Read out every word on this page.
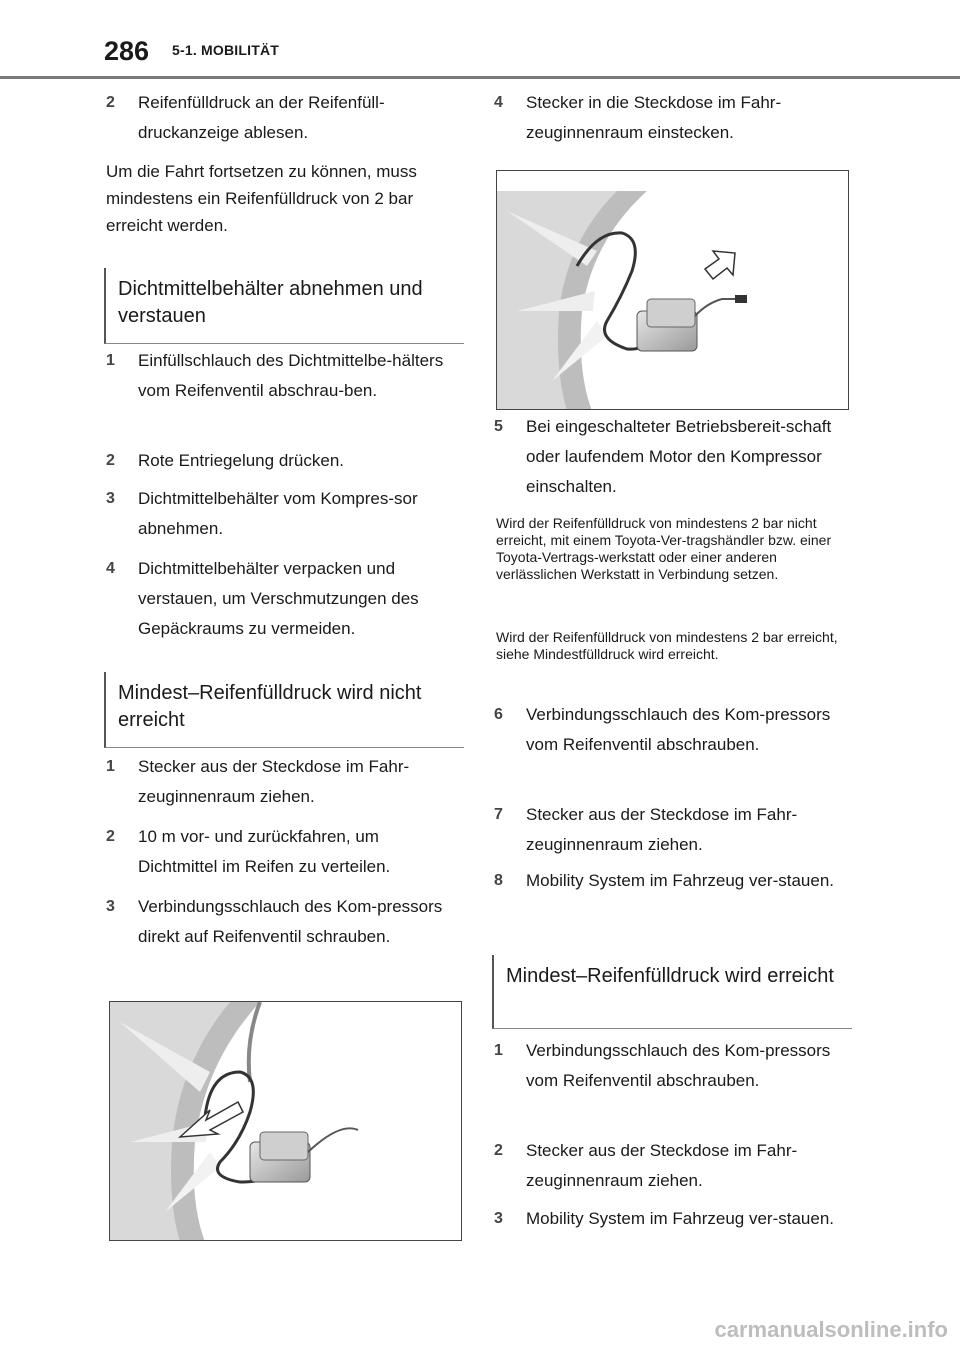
286 5-1. MOBILITÄT
2 Reifenfülldruck an der Reifenfüll-druckanzeige ablesen.
Um die Fahrt fortsetzen zu können, muss mindestens ein Reifenfülldruck von 2 bar erreicht werden.
Dichtmittelbehälter abnehmen und verstauen
1 Einfüllschlauch des Dichtmittelbe-hälters vom Reifenventil abschrau-ben.
2 Rote Entriegelung drücken.
3 Dichtmittelbehälter vom Kompres-sor abnehmen.
4 Dichtmittelbehälter verpacken und verstauen, um Verschmutzungen des Gepäckraums zu vermeiden.
Mindest–Reifenfülldruck wird nicht erreicht
1 Stecker aus der Steckdose im Fahr-zeuginnenraum ziehen.
2 10 m vor- und zurückfahren, um Dichtmittel im Reifen zu verteilen.
3 Verbindungsschlauch des Kom-pressors direkt auf Reifenventil schrauben.
4 Stecker in die Steckdose im Fahr-zeuginnenraum einstecken.
5 Bei eingeschalteter Betriebsbereit-schaft oder laufendem Motor den Kompressor einschalten.
Wird der Reifenfülldruck von mindestens 2 bar nicht erreicht, mit einem Toyota-Ver-tragshändler bzw. einer Toyota-Vertrags-werkstatt oder einer anderen verlässlichen Werkstatt in Verbindung setzen.
Wird der Reifenfülldruck von mindestens 2 bar erreicht, siehe Mindestfülldruck wird erreicht.
6 Verbindungsschlauch des Kom-pressors vom Reifenventil abschrauben.
7 Stecker aus der Steckdose im Fahr-zeuginnenraum ziehen.
8 Mobility System im Fahrzeug ver-stauen.
Mindest–Reifenfülldruck wird erreicht
1 Verbindungsschlauch des Kom-pressors vom Reifenventil abschrauben.
2 Stecker aus der Steckdose im Fahr-zeuginnenraum ziehen.
3 Mobility System im Fahrzeug ver-stauen.
carmanualsonline.info
